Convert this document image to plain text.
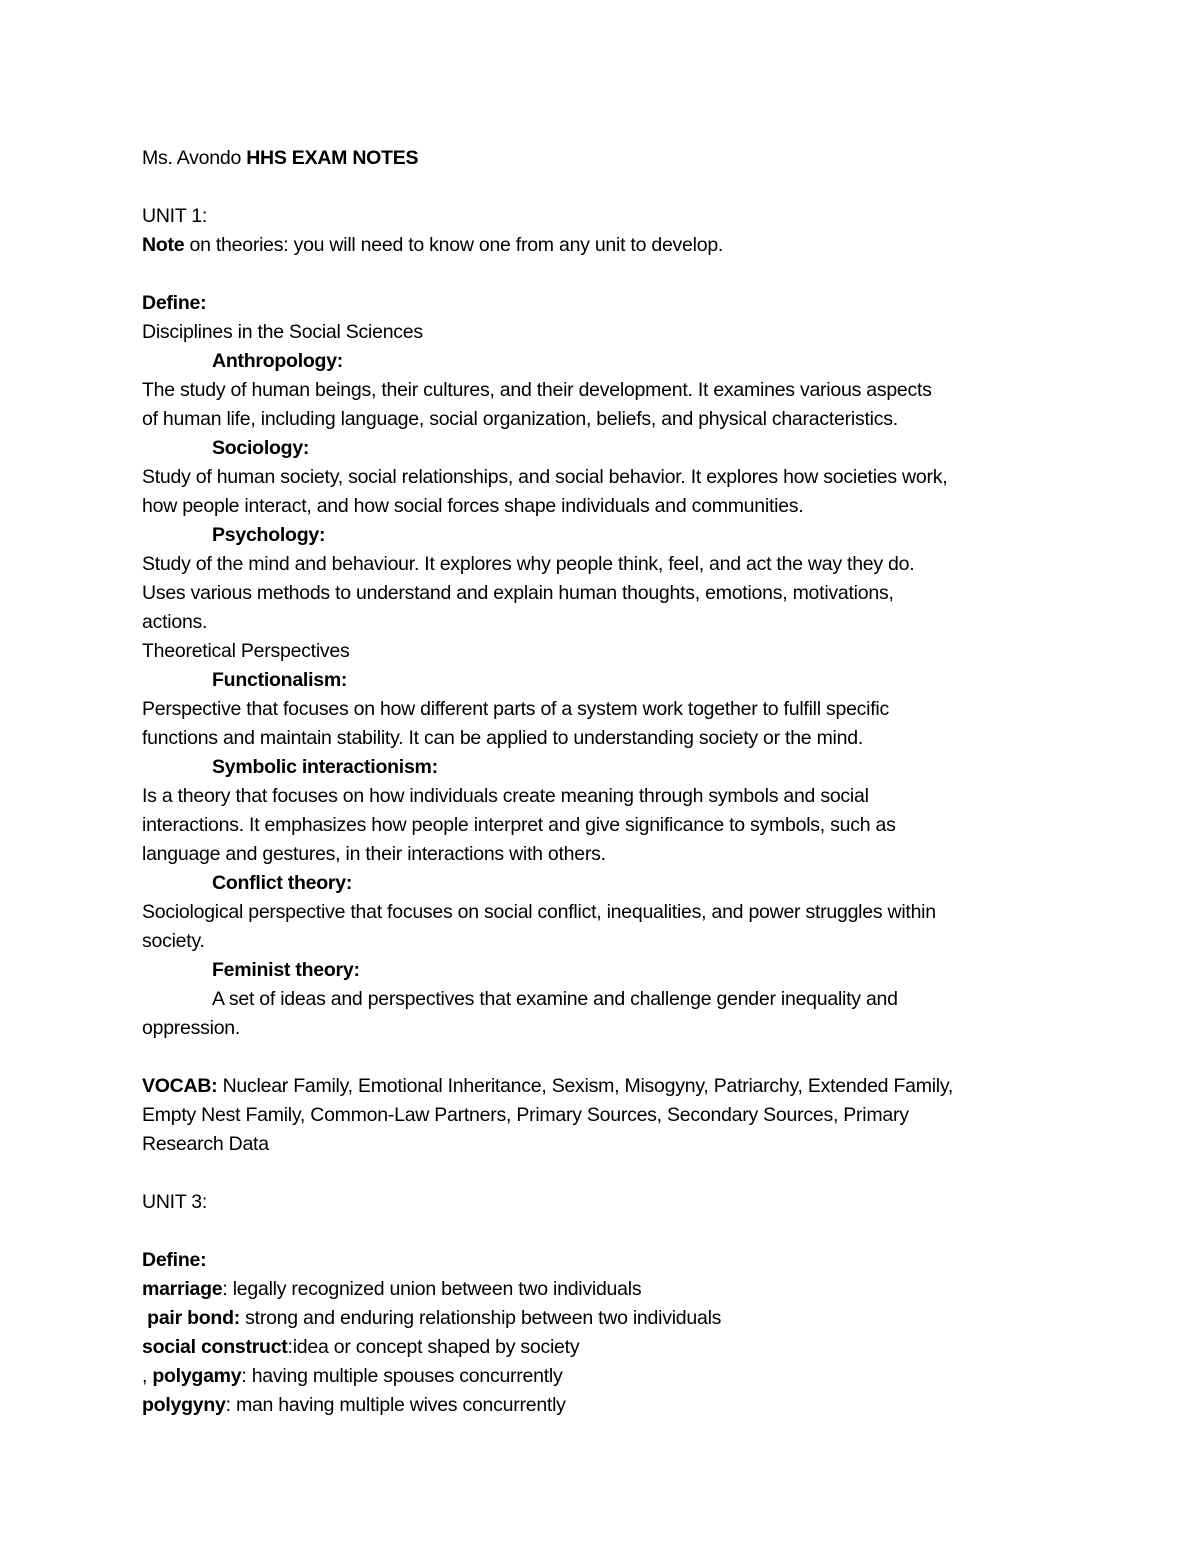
Ms. Avondo HHS EXAM NOTES
UNIT 1:
Note on theories: you will need to know one from any unit to develop.
Define:
Disciplines in the Social Sciences
Anthropology:
The study of human beings, their cultures, and their development. It examines various aspects
of human life, including language, social organization, beliefs, and physical characteristics.
Sociology:
Study of human society, social relationships, and social behavior. It explores how societies work,
how people interact, and how social forces shape individuals and communities.
Psychology:
Study of the mind and behaviour. It explores why people think, feel, and act the way they do.
Uses various methods to understand and explain human thoughts, emotions, motivations,
actions.
Theoretical Perspectives
Functionalism:
Perspective that focuses on how different parts of a system work together to fulfill specific
functions and maintain stability. It can be applied to understanding society or the mind.
Symbolic interactionism:
Is a theory that focuses on how individuals create meaning through symbols and social
interactions. It emphasizes how people interpret and give significance to symbols, such as
language and gestures, in their interactions with others.
Conflict theory:
Sociological perspective that focuses on social conflict, inequalities, and power struggles within
society.
Feminist theory:
A set of ideas and perspectives that examine and challenge gender inequality and
oppression.
VOCAB: Nuclear Family, Emotional Inheritance, Sexism, Misogyny, Patriarchy, Extended Family,
Empty Nest Family, Common-Law Partners, Primary Sources, Secondary Sources, Primary
Research Data
UNIT 3:
Define:
marriage: legally recognized union between two individuals
pair bond: strong and enduring relationship between two individuals
social construct:idea or concept shaped by society
, polygamy: having multiple spouses concurrently
polygyny: man having multiple wives concurrently
